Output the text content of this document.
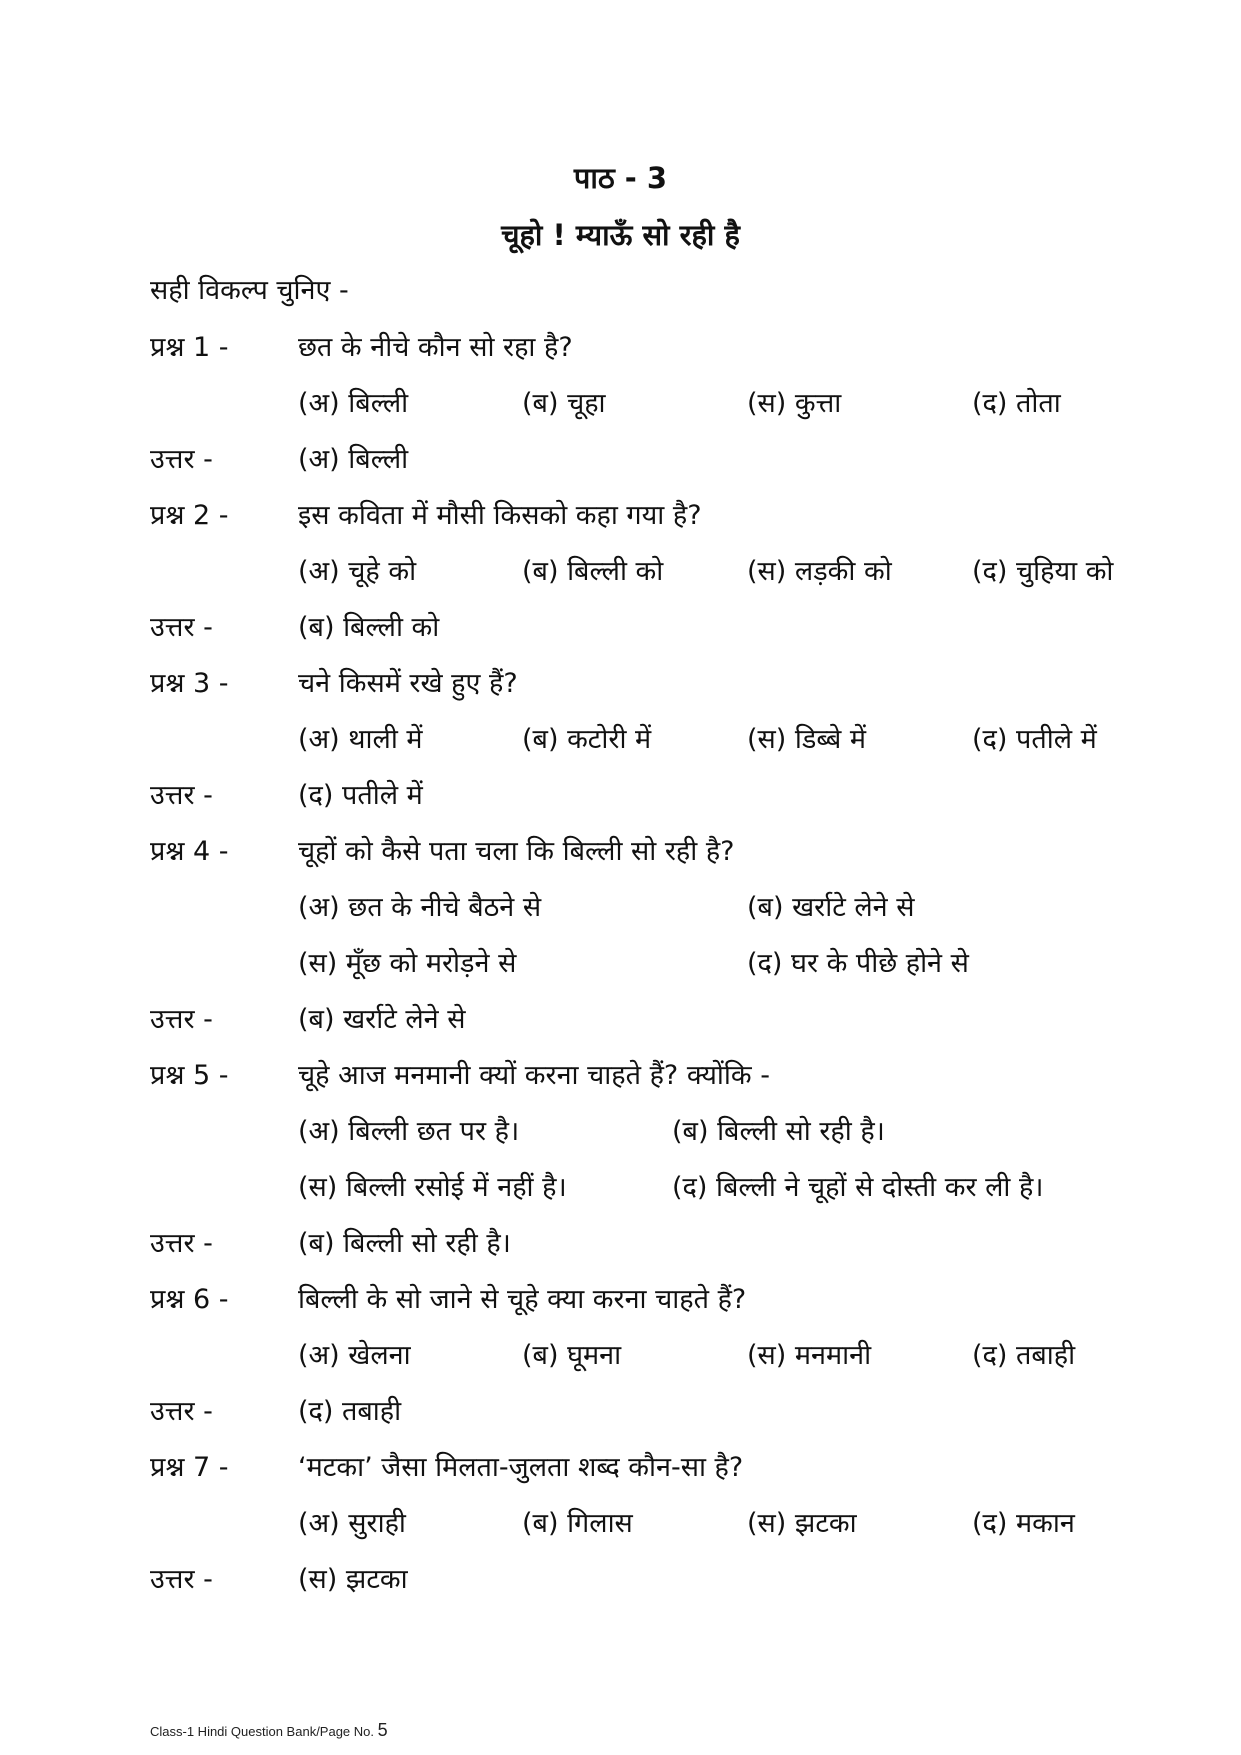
पाठ - 3
चूहो ! म्याऊँ सो रही है
सही विकल्प चुनिए -
प्रश्न 1 -	छत के नीचे कौन सो रहा है?
(अ) बिल्ली	(ब) चूहा	(स) कुत्ता	(द) तोता
उत्तर -	(अ) बिल्ली
प्रश्न 2 -	इस कविता में मौसी किसको कहा गया है?
(अ) चूहे को	(ब) बिल्ली को	(स) लड़की को	(द) चुहिया को
उत्तर -	(ब) बिल्ली को
प्रश्न 3 -	चने किसमें रखे हुए हैं?
(अ) थाली में	(ब) कटोरी में	(स) डिब्बे में	(द) पतीले में
उत्तर -	(द) पतीले में
प्रश्न 4 -	चूहों को कैसे पता चला कि बिल्ली सो रही है?
(अ) छत के नीचे बैठने से	(ब) खर्राटे लेने से
(स) मूँछ को मरोड़ने से	(द) घर के पीछे होने से
उत्तर -	(ब) खर्राटे लेने से
प्रश्न 5 -	चूहे आज मनमानी क्यों करना चाहते हैं? क्योंकि -
(अ) बिल्ली छत पर है।	(ब) बिल्ली सो रही है।
(स) बिल्ली रसोई में नहीं है।	(द) बिल्ली ने चूहों से दोस्ती कर ली है।
उत्तर -	(ब) बिल्ली सो रही है।
प्रश्न 6 -	बिल्ली के सो जाने से चूहे क्या करना चाहते हैं?
(अ) खेलना	(ब) घूमना	(स) मनमानी	(द) तबाही
उत्तर -	(द) तबाही
प्रश्न 7 -	‘मटका’ जैसा मिलता-जुलता शब्द कौन-सा है?
(अ) सुराही	(ब) गिलास	(स) झटका	(द) मकान
उत्तर -	(स) झटका
Class-1 Hindi Question Bank/Page No. 5
